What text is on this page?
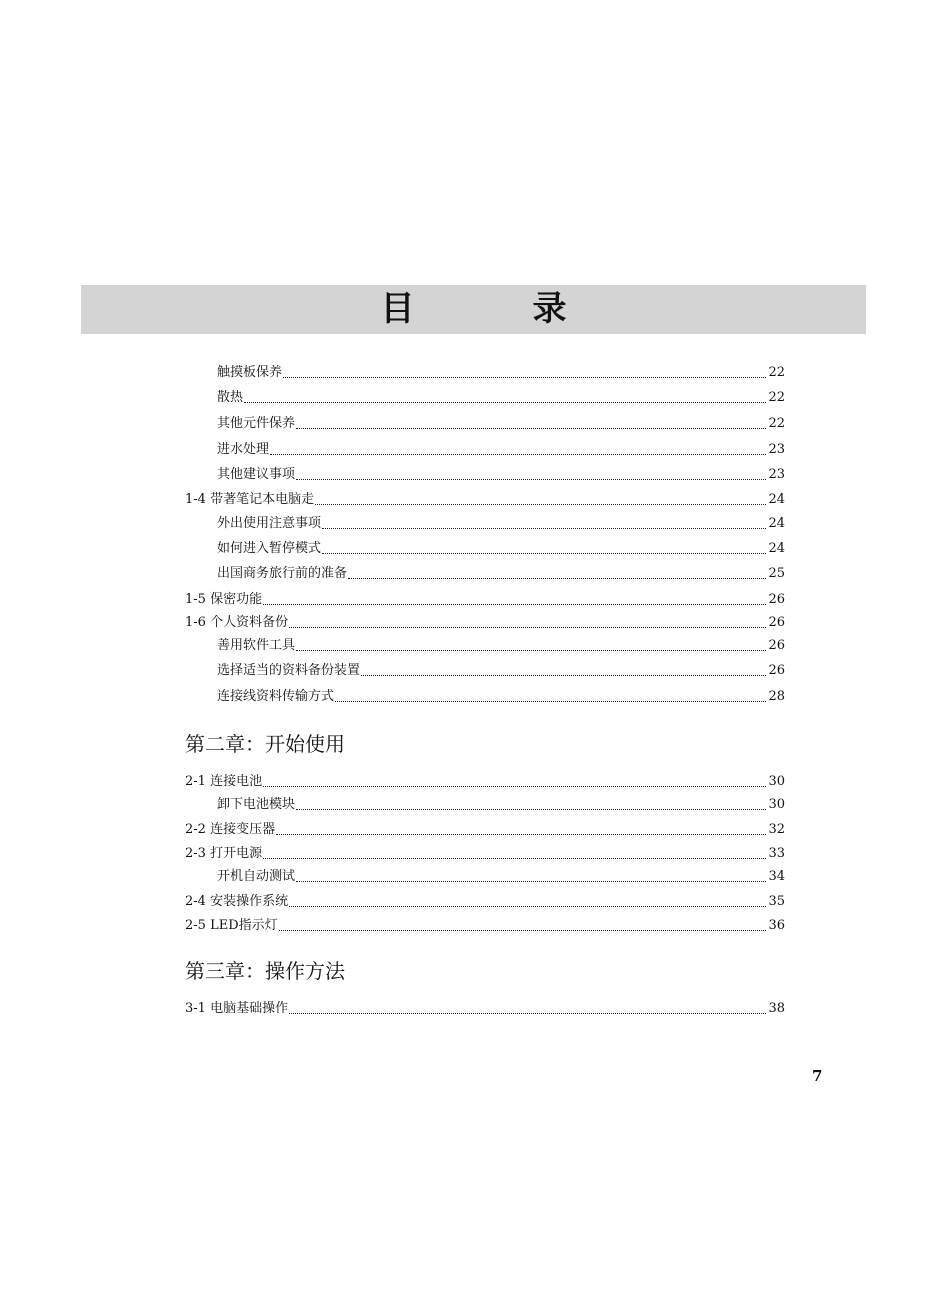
目　录
触摸板保养	22
散热	22
其他元件保养	22
进水处理	23
其他建议事项	23
1-4 带著笔记本电脑走	24
外出使用注意事项	24
如何进入暂停模式	24
出国商务旅行前的准备	25
1-5 保密功能	26
1-6 个人资料备份	26
善用软件工具	26
选择适当的资料备份装置	26
连接线资料传输方式	28
第二章：开始使用
2-1 连接电池	30
卸下电池模块	30
2-2 连接变压器	32
2-3 打开电源	33
开机自动测试	34
2-4 安装操作系统	35
2-5 LED指示灯	36
第三章：操作方法
3-1 电脑基础操作	38
7
